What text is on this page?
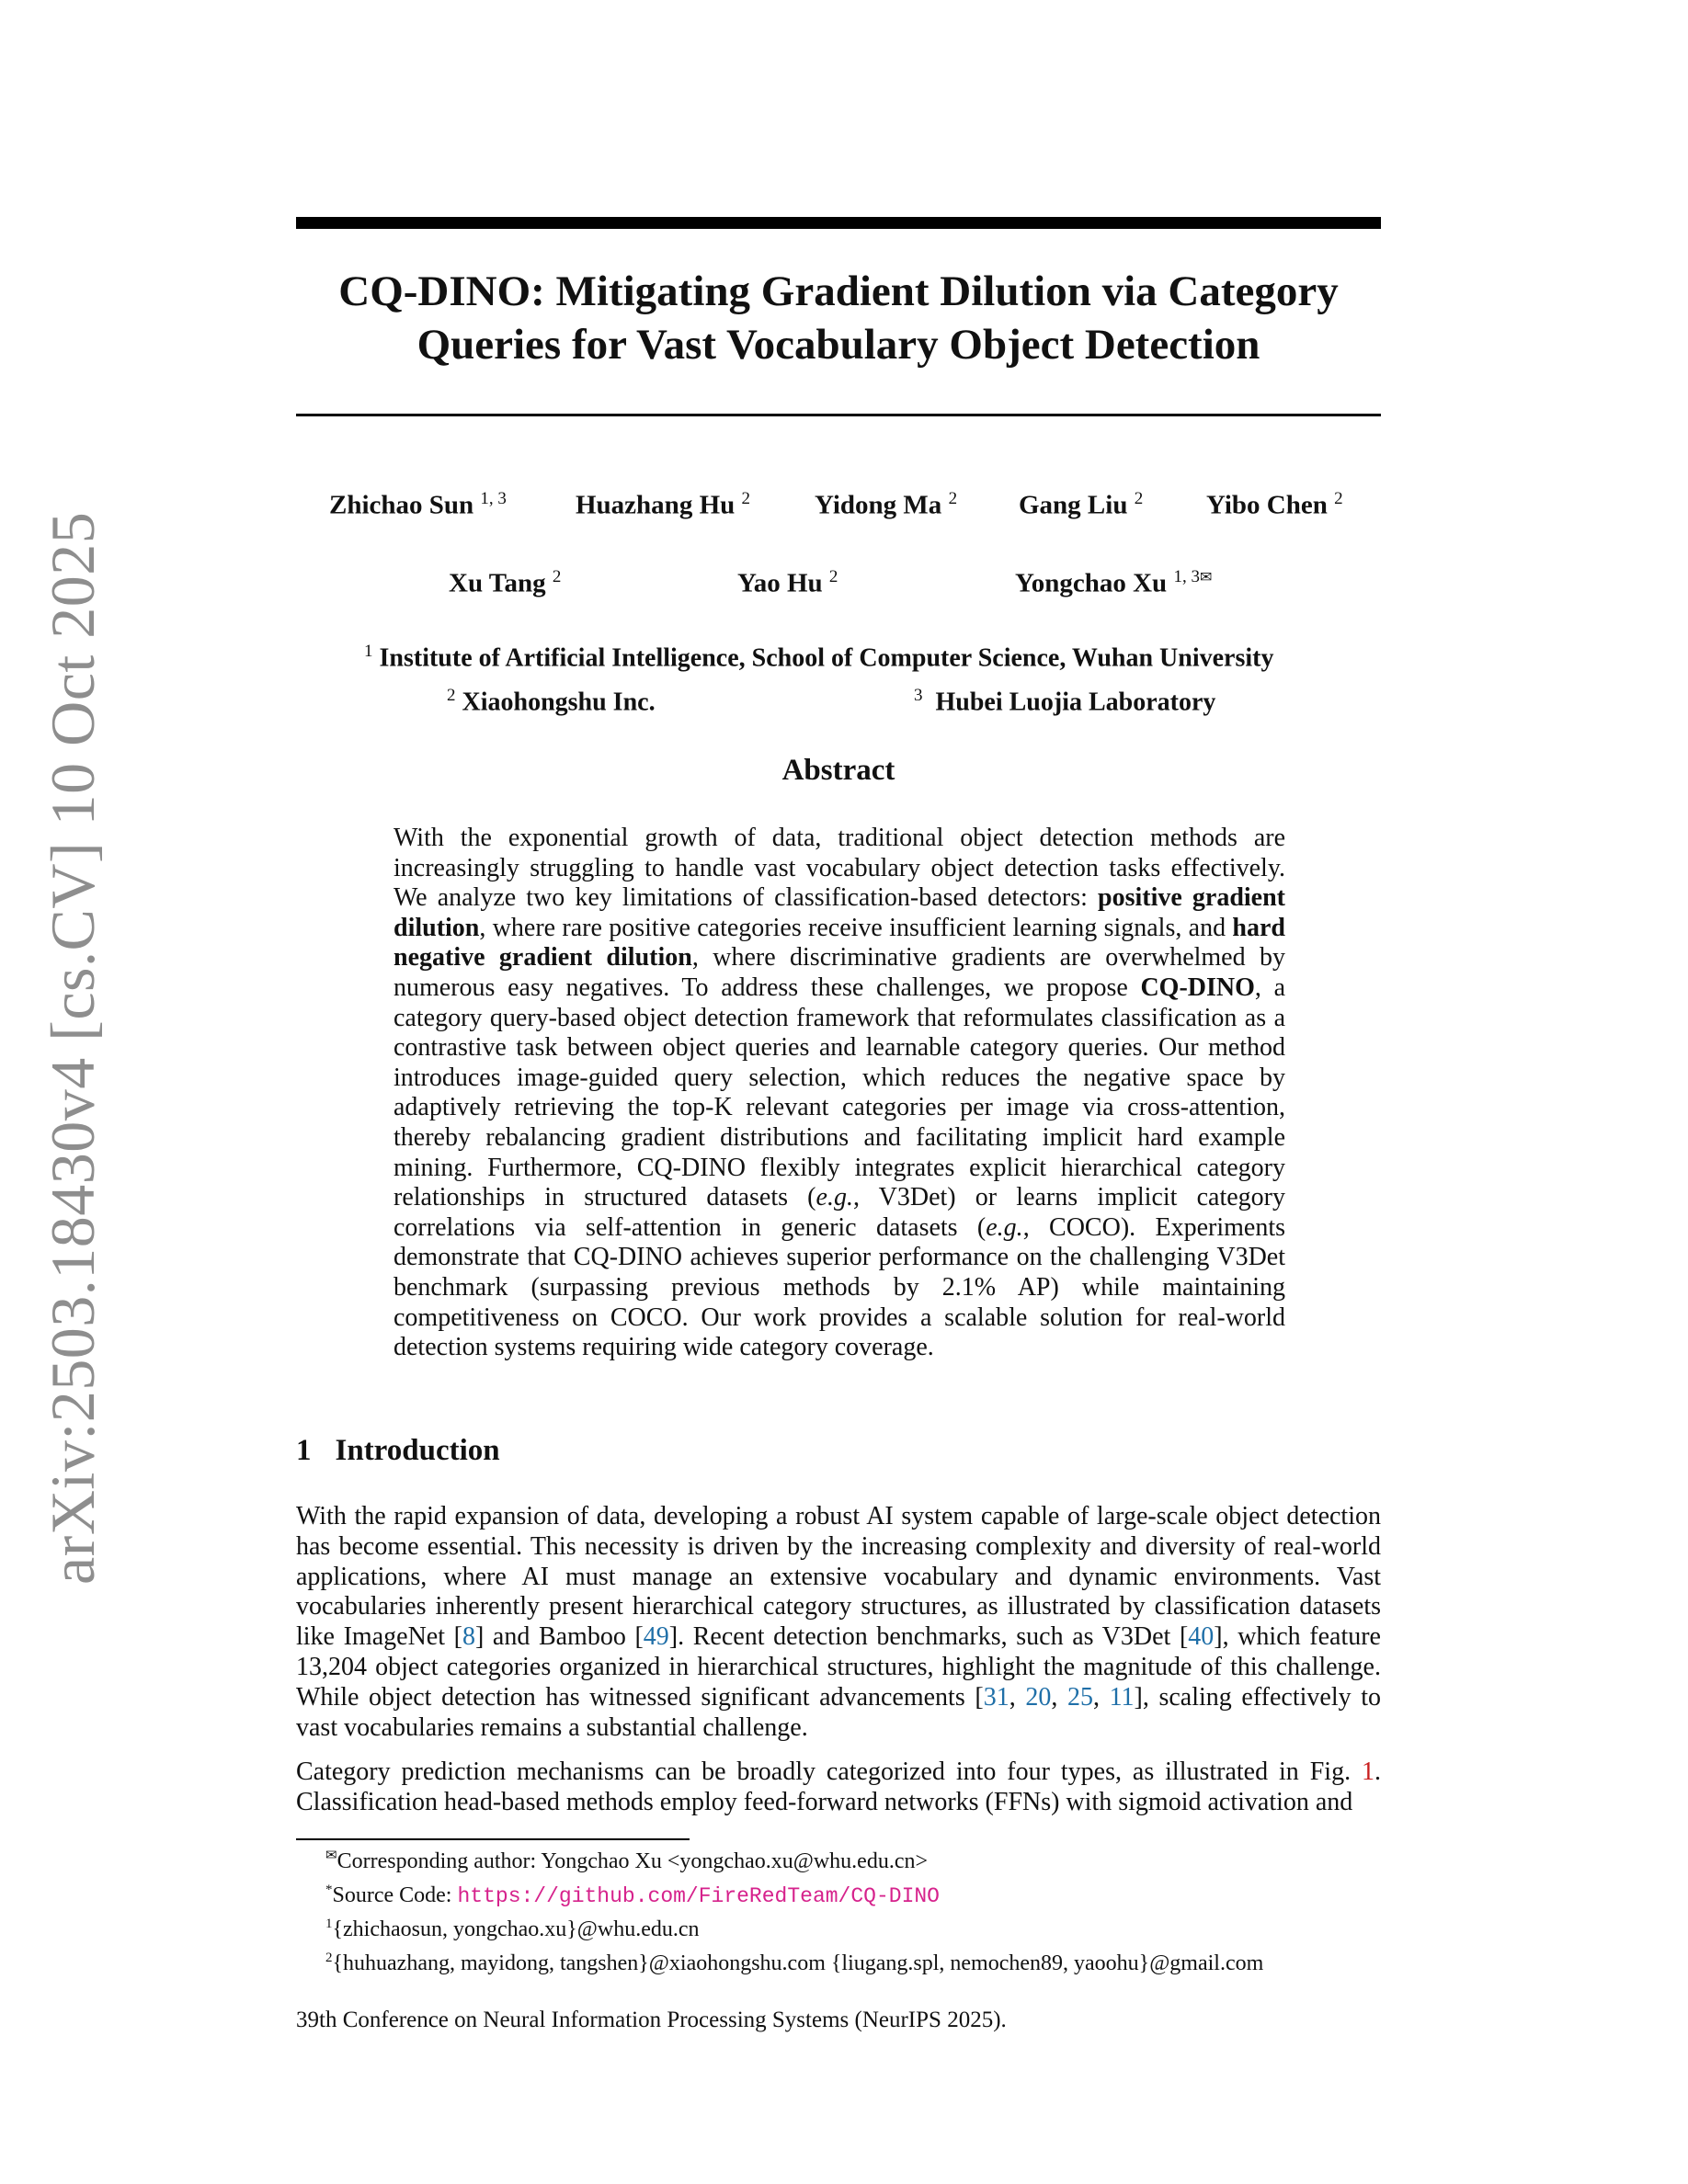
arXiv:2503.18430v4 [cs.CV] 10 Oct 2025
CQ-DINO: Mitigating Gradient Dilution via Category
Queries for Vast Vocabulary Object Detection
Zhichao Sun $^{1, 3}$	Huazhang Hu $^2$ Yidong Ma $^2$ Gang Liu $^2$ Yibo Chen $^2$
Xu Tang $^2$	Yao Hu $^2$	Yongchao Xu $^{1, 3✉}$
$^1$ Institute of Artificial Intelligence, School of Computer Science, Wuhan University
$^2$ Xiaohongshu Inc.	$^3$ Hubei Luojia Laboratory
Abstract
With the exponential growth of data, traditional object detection methods are increasingly struggling to handle vast vocabulary object detection tasks effectively. We analyze two key limitations of classification-based detectors: positive gradient dilution, where rare positive categories receive insufficient learning signals, and hard negative gradient dilution, where discriminative gradients are overwhelmed by numerous easy negatives. To address these challenges, we propose CQ-DINO, a category query-based object detection framework that reformulates classification as a contrastive task between object queries and learnable category queries. Our method introduces image-guided query selection, which reduces the negative space by adaptively retrieving the top-K relevant categories per image via cross-attention, thereby rebalancing gradient distributions and facilitating implicit hard example mining. Furthermore, CQ-DINO flexibly integrates explicit hierarchical category relationships in structured datasets (e.g., V3Det) or learns implicit category correlations via self-attention in generic datasets (e.g., COCO). Experiments demonstrate that CQ-DINO achieves superior performance on the challenging V3Det benchmark (surpassing previous methods by 2.1% AP) while maintaining competitiveness on COCO. Our work provides a scalable solution for real-world detection systems requiring wide category coverage.
1 Introduction
With the rapid expansion of data, developing a robust AI system capable of large-scale object detection has become essential. This necessity is driven by the increasing complexity and diversity of real-world applications, where AI must manage an extensive vocabulary and dynamic environments. Vast vocabularies inherently present hierarchical category structures, as illustrated by classification datasets like ImageNet [8] and Bamboo [49]. Recent detection benchmarks, such as V3Det [40], which feature 13,204 object categories organized in hierarchical structures, highlight the magnitude of this challenge. While object detection has witnessed significant advancements [31, 20, 25, 11], scaling effectively to vast vocabularies remains a substantial challenge.
Category prediction mechanisms can be broadly categorized into four types, as illustrated in Fig. 1. Classification head-based methods employ feed-forward networks (FFNs) with sigmoid activation and
✉Corresponding author: Yongchao Xu <yongchao.xu@whu.edu.cn>
*Source Code: https://github.com/FireRedTeam/CQ-DINO
$^1${zhichaosun, yongchao.xu}@whu.edu.cn
$^2${huhuazhang, mayidong, tangshen}@xiaohongshu.com {liugang.spl, nemochen89, yaoohu}@gmail.com
39th Conference on Neural Information Processing Systems (NeurIPS 2025).
